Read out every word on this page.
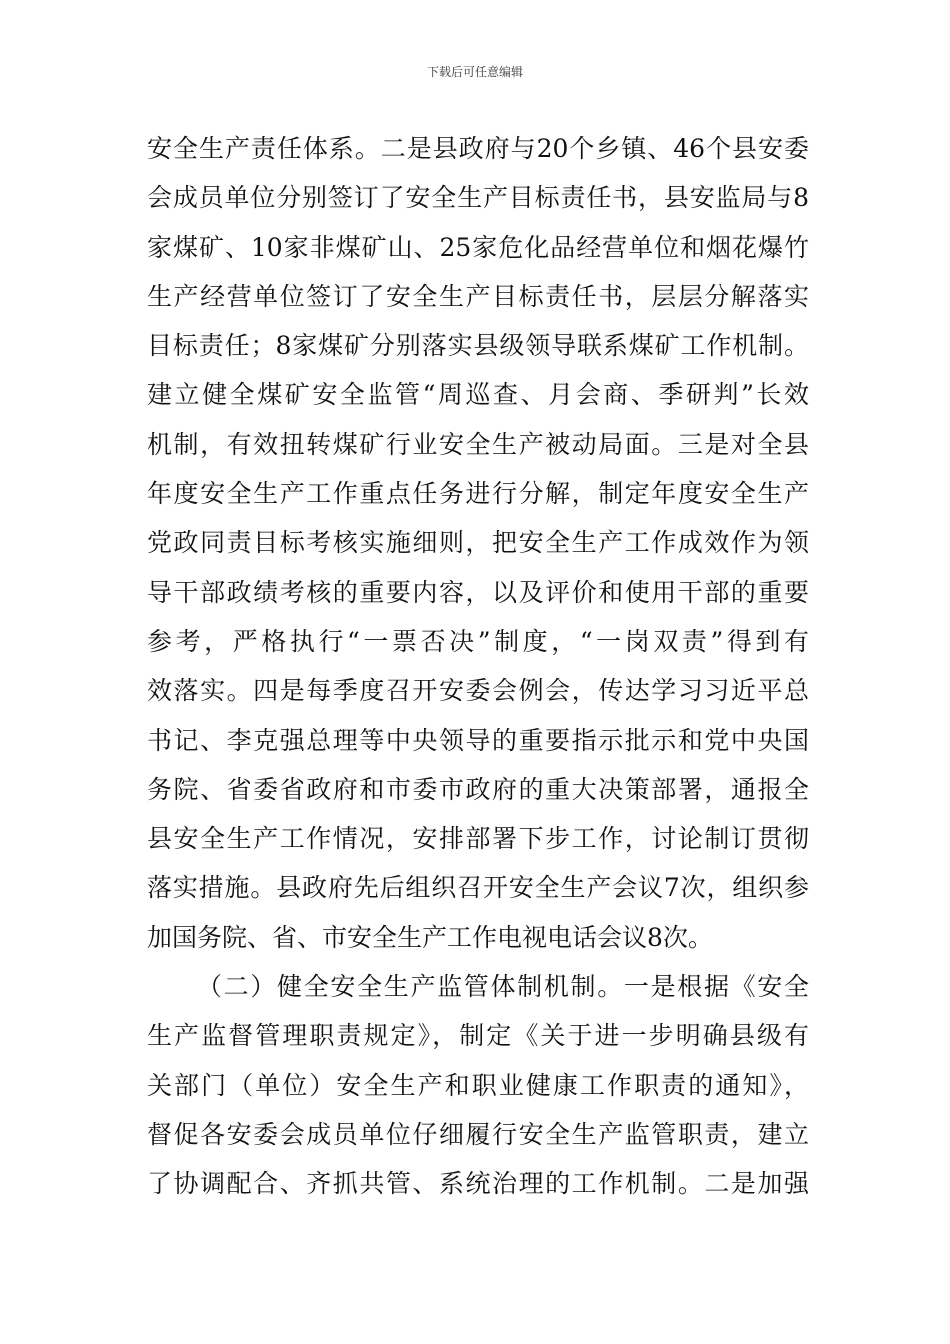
下载后可任意编辑
安全生产责任体系。二是县政府与20个乡镇、46个县安委
会成员单位分别签订了安全生产目标责任书，县安监局与8
家煤矿、10家非煤矿山、25家危化品经营单位和烟花爆竹
生产经营单位签订了安全生产目标责任书，层层分解落实
目标责任；8家煤矿分别落实县级领导联系煤矿工作机制。
建立健全煤矿安全监管“周巡查、月会商、季研判”长效
机制，有效扭转煤矿行业安全生产被动局面。三是对全县
年度安全生产工作重点任务进行分解，制定年度安全生产
党政同责目标考核实施细则，把安全生产工作成效作为领
导干部政绩考核的重要内容，以及评价和使用干部的重要
参考，严格执行“一票否决”制度，“一岗双责”得到有
效落实。四是每季度召开安委会例会，传达学习习近平总
书记、李克强总理等中央领导的重要指示批示和党中央国
务院、省委省政府和市委市政府的重大决策部署，通报全
县安全生产工作情况，安排部署下步工作，讨论制订贯彻
落实措施。县政府先后组织召开安全生产会议7次，组织参
加国务院、省、市安全生产工作电视电话会议8次。
（二）健全安全生产监管体制机制。一是根据《安全
生产监督管理职责规定》，制定《关于进一步明确县级有
关部门（单位）安全生产和职业健康工作职责的通知》，
督促各安委会成员单位仔细履行安全生产监管职责，建立
了协调配合、齐抓共管、系统治理的工作机制。二是加强
